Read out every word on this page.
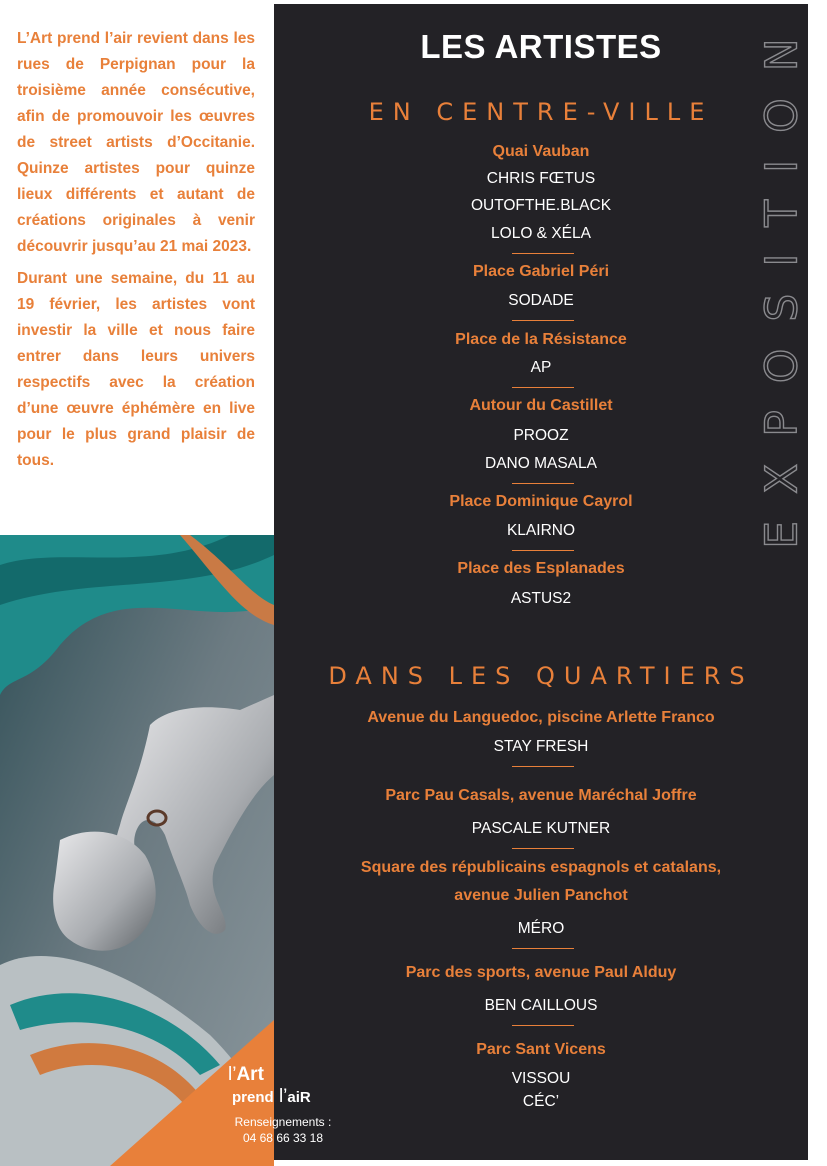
L’Art prend l’air revient dans les rues de Perpignan pour la troisième année consécutive, afin de promouvoir les œuvres de street artists d’Occitanie. Quinze artistes pour quinze lieux différents et autant de créations originales à venir découvrir jusqu’au 21 mai 2023.

Durant une semaine, du 11 au 19 février, les artistes vont investir la ville et nous faire entrer dans leurs univers respectifs avec la création d’une œuvre éphémère en live pour le plus grand plaisir de tous.

LES ARTISTES
EN CENTRE-VILLE
Quai Vauban
CHRIS FŒTUS
OUTOFTHE.BLACK
LOLO & XÉLA
Place Gabriel Péri
SODADE
Place de la Résistance
AP
Autour du Castillet
PROOZ
DANO MASALA
Place Dominique Cayrol
KLAIRNO
Place des Esplanades
ASTUS2
DANS LES QUARTIERS
Avenue du Languedoc, piscine Arlette Franco
STAY FRESH
Parc Pau Casals, avenue Maréchal Joffre
PASCALE KUTNER
Square des républicains espagnols et catalans,
avenue Julien Panchot
MÉRO
Parc des sports, avenue Paul Alduy
BEN CAILLOUS
Parc Sant Vicens
VISSOU
CÉC’
EXPOSITION
l’Art
prend l’aiR
Renseignements :
04 68 66 33 18
